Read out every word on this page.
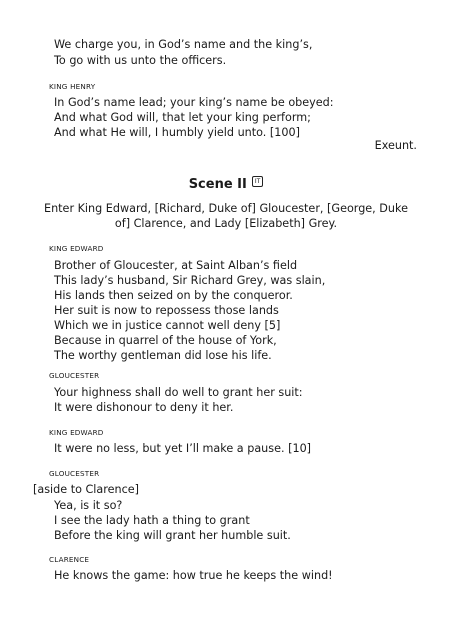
We charge you, in God’s name and the king’s,
To go with us unto the officers.
KING HENRY
In God’s name lead; your king’s name be obeyed:
And what God will, that let your king perform;
And what He will, I humbly yield unto. [100]
Exeunt.
Scene II IT
Enter King Edward, [Richard, Duke of] Gloucester, [George, Duke of] Clarence, and Lady [Elizabeth] Grey.
KING EDWARD
Brother of Gloucester, at Saint Alban’s field
This lady’s husband, Sir Richard Grey, was slain,
His lands then seized on by the conqueror.
Her suit is now to repossess those lands
Which we in justice cannot well deny [5]
Because in quarrel of the house of York,
The worthy gentleman did lose his life.
GLOUCESTER
Your highness shall do well to grant her suit:
It were dishonour to deny it her.
KING EDWARD
It were no less, but yet I’ll make a pause. [10]
GLOUCESTER
[aside to Clarence]
Yea, is it so?
I see the lady hath a thing to grant
Before the king will grant her humble suit.
CLARENCE
He knows the game: how true he keeps the wind!
